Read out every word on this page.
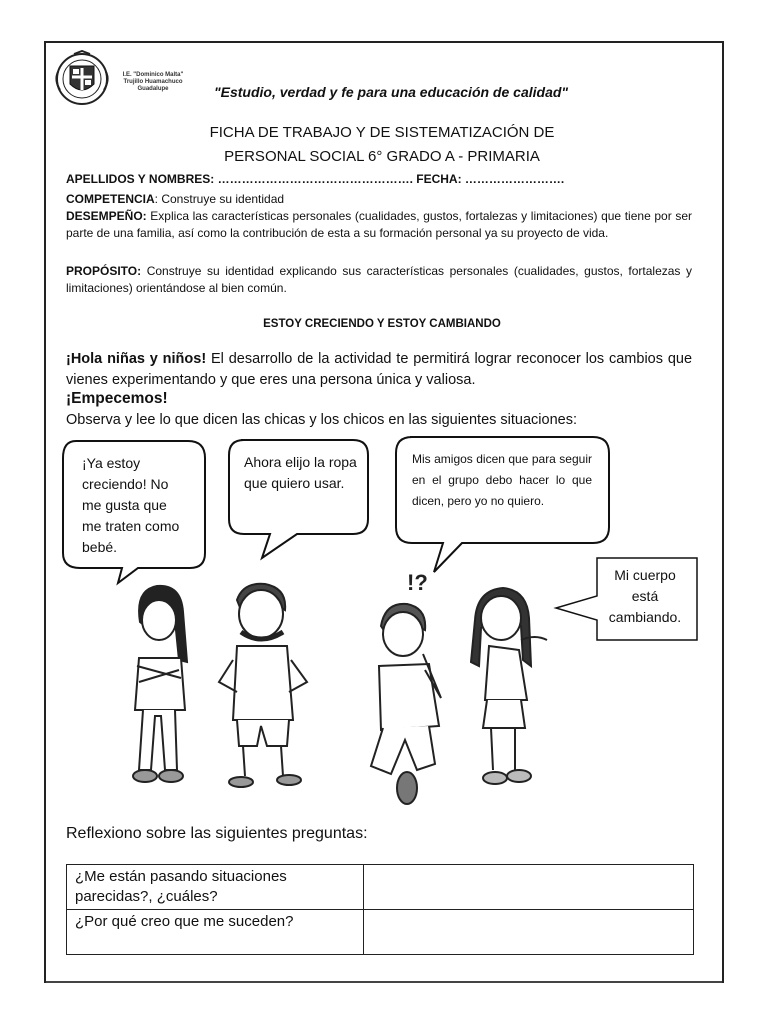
I.E. "Dominico Malta" Trujillo Huamachuco Guadalupe	"Estudio, verdad y fe para una educación de calidad"
FICHA DE TRABAJO Y DE SISTEMATIZACIÓN DE
PERSONAL SOCIAL 6° GRADO A - PRIMARIA
APELLIDOS Y NOMBRES: …………………………………………. FECHA: …………………….
COMPETENCIA: Construye su identidad
DESEMPEÑO: Explica las características personales (cualidades, gustos, fortalezas y limitaciones) que tiene por ser parte de una familia, así como la contribución de esta a su formación personal ya su proyecto de vida.
PROPÓSITO: Construye su identidad explicando sus características personales (cualidades, gustos, fortalezas y limitaciones) orientándose al bien común.
ESTOY CRECIENDO Y ESTOY CAMBIANDO
¡Hola niñas y niños! El desarrollo de la actividad te permitirá lograr reconocer los cambios que vienes experimentando y que eres una persona única y valiosa.
¡Empecemos!
Observa y lee lo que dicen las chicas y los chicos en las siguientes situaciones:
¡Ya estoy creciendo! No me gusta que me traten como bebé.
Ahora elijo la ropa que quiero usar.
Mis amigos dicen que para seguir en el grupo debo hacer lo que dicen, pero yo no quiero.
Mi cuerpo está cambiando.
!?
Reflexiono sobre las siguientes preguntas:
¿Me están pasando situaciones parecidas?, ¿cuáles?	
¿Por qué creo que me suceden?	
